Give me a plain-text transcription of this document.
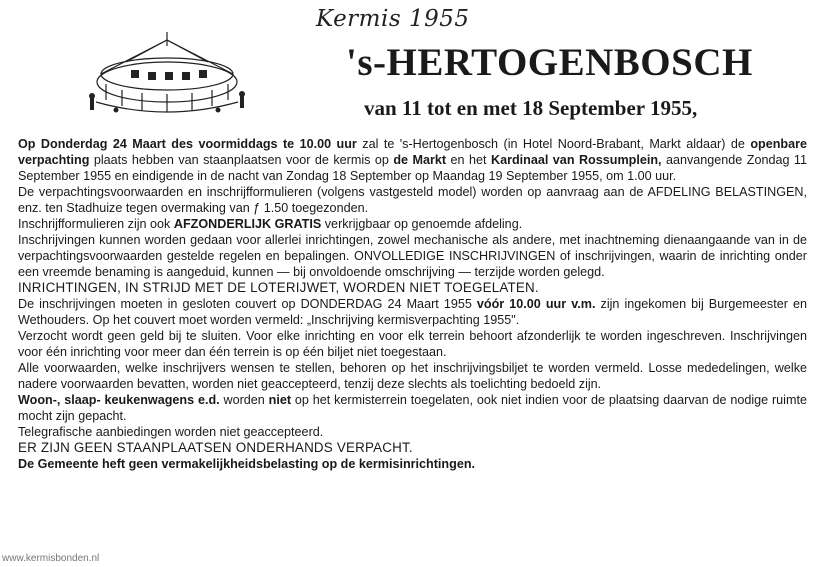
Kermis 1955
's-HERTOGENBOSCH
van 11 tot en met 18 September 1955,

Op Donderdag 24 Maart des voormiddags te 10.00 uur zal te 's-Hertogenbosch (in Hotel Noord-Brabant, Markt aldaar) de openbare verpachting plaats hebben van staanplaatsen voor de kermis op de Markt en het Kardinaal van Rossumplein, aanvangende Zondag 11 September 1955 en eindigende in de nacht van Zondag 18 September op Maandag 19 September 1955, om 1.00 uur.

De verpachtingsvoorwaarden en inschrijfformulieren (volgens vastgesteld model) worden op aanvraag aan de AFDELING BELASTINGEN, enz. ten Stadhuize tegen overmaking van ƒ 1.50 toegezonden.

Inschrijfformulieren zijn ook AFZONDERLIJK GRATIS verkrijgbaar op genoemde afdeling.

Inschrijvingen kunnen worden gedaan voor allerlei inrichtingen, zowel mechanische als andere, met inachtneming dienaangaande van in de verpachtingsvoorwaarden gestelde regelen en bepalingen. ONVOLLEDIGE INSCHRIJVINGEN of inschrijvingen, waarin de inrichting onder een vreemde benaming is aangeduid, kunnen — bij onvoldoende omschrijving — terzijde worden gelegd.

INRICHTINGEN, IN STRIJD MET DE LOTERIJWET, WORDEN NIET TOEGELATEN.

De inschrijvingen moeten in gesloten couvert op DONDERDAG 24 Maart 1955 vóór 10.00 uur v.m. zijn ingekomen bij Burgemeester en Wethouders. Op het couvert moet worden vermeld: „Inschrijving kermisverpachting 1955".

Verzocht wordt geen geld bij te sluiten. Voor elke inrichting en voor elk terrein behoort afzonderlijk te worden ingeschreven. Inschrijvingen voor één inrichting voor meer dan één terrein is op één biljet niet toegestaan.

Alle voorwaarden, welke inschrijvers wensen te stellen, behoren op het inschrijvingsbiljet te worden vermeld. Losse mededelingen, welke nadere voorwaarden bevatten, worden niet geaccepteerd, tenzij deze slechts als toelichting bedoeld zijn.

Woon-, slaap- keukenwagens e.d. worden niet op het kermisterrein toegelaten, ook niet indien voor de plaatsing daarvan de nodige ruimte mocht zijn gepacht.

Telegrafische aanbiedingen worden niet geaccepteerd.

ER ZIJN GEEN STAANPLAATSEN ONDERHANDS VERPACHT.

De Gemeente heft geen vermakelijkheidsbelasting op de kermisinrichtingen.

www.kermisbonden.nl
